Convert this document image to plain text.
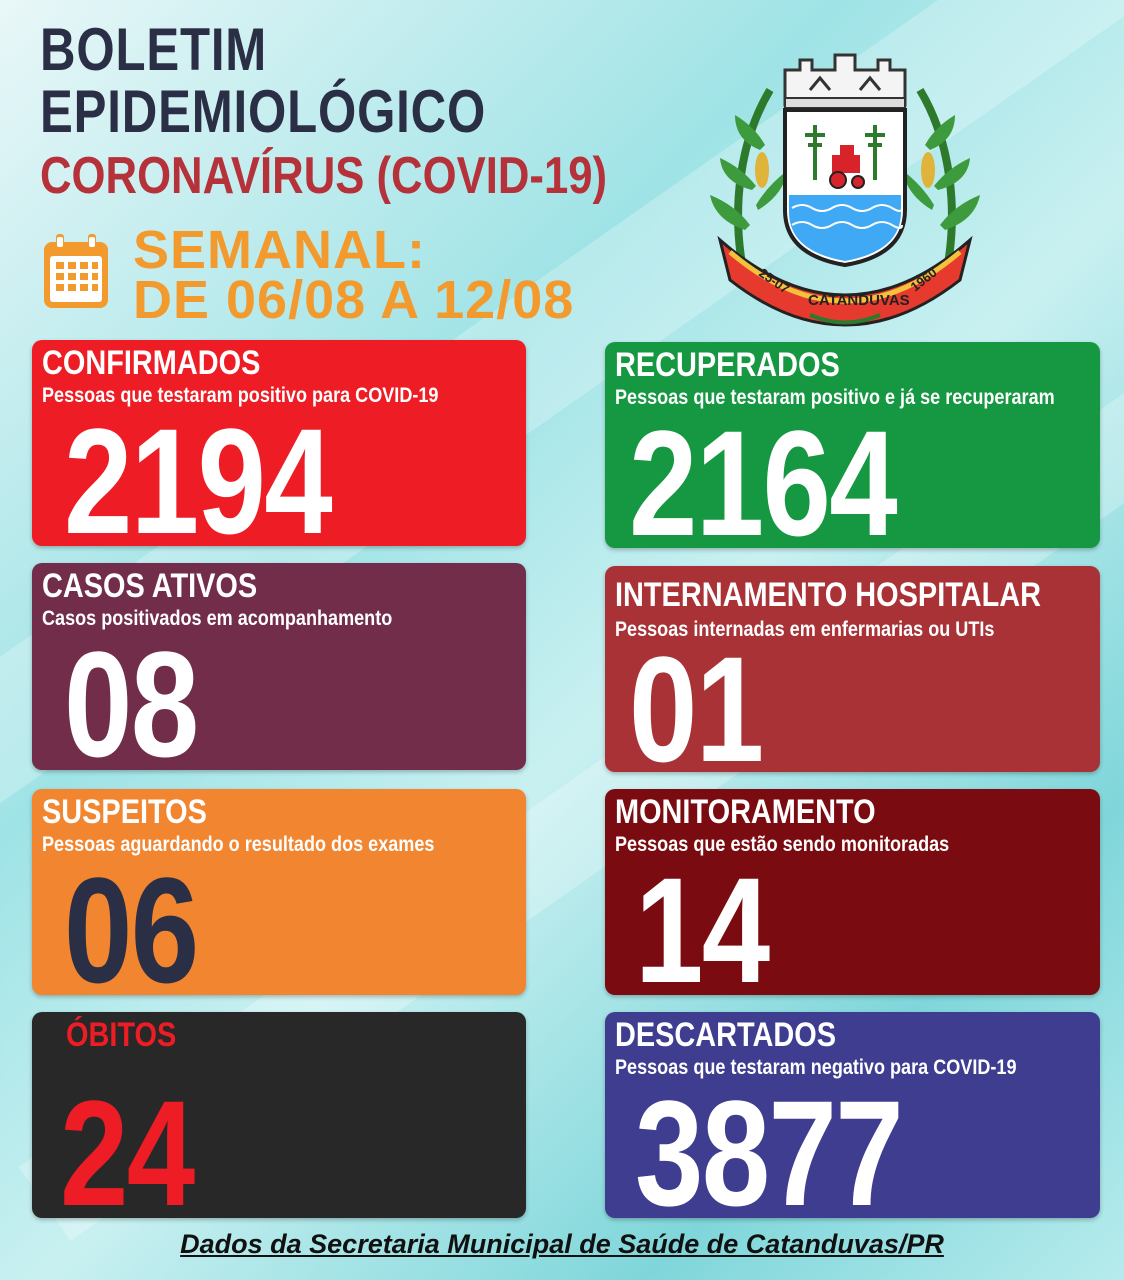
BOLETIM
EPIDEMIOLÓGICO
CORONAVÍRUS (COVID-19)
SEMANAL:
DE 06/08 A 12/08	25-07
CATANDUVAS
1960
CONFIRMADOS

Pessoas que testaram positivo para COVID-19

2194

RECUPERADOS

Pessoas que testaram positivo e já se recuperaram

2164

CASOS ATIVOS

Casos positivados em acompanhamento

08

INTERNAMENTO HOSPITALAR

Pessoas internadas em enfermarias ou UTIs

01

SUSPEITOS

Pessoas aguardando o resultado dos exames

06

MONITORAMENTO

Pessoas que estão sendo monitoradas

14

ÓBITOS

24

DESCARTADOS

Pessoas que testaram negativo para COVID-19

3877

Dados da Secretaria Municipal de Saúde de Catanduvas/PR
